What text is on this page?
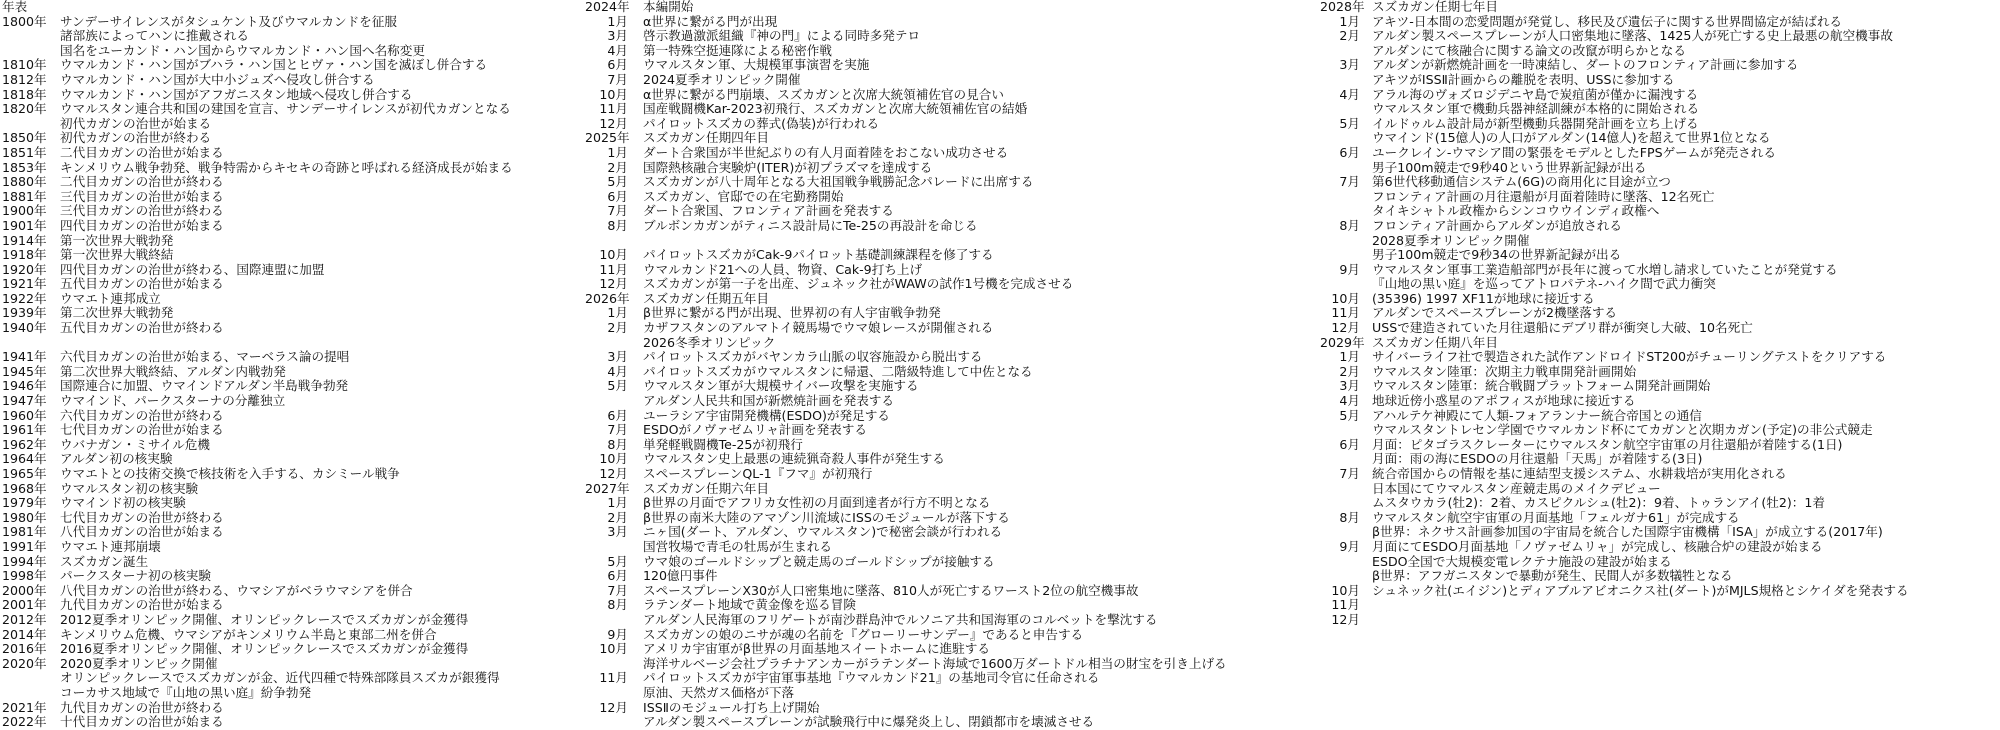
年表
1800年 サンデーサイレンスがタシュケント及びウマルカンドを征服
諸部族によってハンに推戴される
国名をユーカンド・ハン国からウマルカンド・ハン国へ名称変更
1810年 ウマルカンド・ハン国がブハラ・ハン国とヒヴァ・ハン国を滅ぼし併合する
1812年 ウマルカンド・ハン国が大中小ジュズへ侵攻し併合する
1818年 ウマルカンド・ハン国がアフガニスタン地域へ侵攻し併合する
1820年 ウマルスタン連合共和国の建国を宣言、サンデーサイレンスが初代カガンとなる
初代カガンの治世が始まる
1850年 初代カガンの治世が終わる
1851年 二代目カガンの治世が始まる
1853年 キンメリウム戦争勃発、戦争特需からキセキの奇跡と呼ばれる経済成長が始まる
1880年 二代目カガンの治世が終わる
1881年 三代目カガンの治世が始まる
1900年 三代目カガンの治世が終わる
1901年 四代目カガンの治世が始まる
1914年 第一次世界大戦勃発
1918年 第一次世界大戦終結
1920年 四代目カガンの治世が終わる、国際連盟に加盟
1921年 五代目カガンの治世が始まる
1922年 ウマエト連邦成立
1939年 第二次世界大戦勃発
1940年 五代目カガンの治世が終わる
1941年 六代目カガンの治世が始まる、マーベラス論の提唱
1945年 第二次世界大戦終結、アルダン内戦勃発
1946年 国際連合に加盟、ウマインドアルダン半島戦争勃発
1947年 ウマインド、パークスターナの分離独立
1960年 六代目カガンの治世が終わる
1961年 七代目カガンの治世が始まる
1962年 ウバナガン・ミサイル危機
1964年 アルダン初の核実験
1965年 ウマエトとの技術交換で核技術を入手する、カシミール戦争
1968年 ウマルスタン初の核実験
1979年 ウマインド初の核実験
1980年 七代目カガンの治世が終わる
1981年 八代目カガンの治世が始まる
1991年 ウマエト連邦崩壊
1994年 スズカガン誕生
1998年 パークスターナ初の核実験
2000年 八代目カガンの治世が終わる、ウマシアがベラウマシアを併合
2001年 九代目カガンの治世が始まる
2012年 2012夏季オリンピック開催、オリンピックレースでスズカガンが金獲得
2014年 キンメリウム危機、ウマシアがキンメリウム半島と東部二州を併合
2016年 2016夏季オリンピック開催、オリンピックレースでスズカガンが金獲得
2020年 2020夏季オリンピック開催
オリンピックレースでスズカガンが金、近代四種で特殊部隊員スズカが銀獲得
コーカサス地域で『山地の黒い庭』紛争勃発
2021年 九代目カガンの治世が終わる
2022年 十代目カガンの治世が始まる
2024年 本編開始
1月 α世界に繋がる門が出現
3月 啓示教過激派組織『神の門』による同時多発テロ
4月 第一特殊空挺連隊による秘密作戦
6月 ウマルスタン軍、大規模軍事演習を実施
7月 2024夏季オリンピック開催
10月 α世界に繋がる門崩壊、スズカガンと次席大統領補佐官の見合い
11月 国産戦闘機Kar-2023初飛行、スズカガンと次席大統領補佐官の結婚
12月 パイロットスズカの葬式(偽装)が行われる
2025年 スズカガン任期四年目
1月 ダート合衆国が半世紀ぶりの有人月面着陸をおこない成功させる
2月 国際熱核融合実験炉(ITER)が初プラズマを達成する
5月 スズカガンが八十周年となる大祖国戦争戦勝記念パレードに出席する
6月 スズカガン、官邸での在宅勤務開始
7月 ダート合衆国、フロンティア計画を発表する
8月 ブルボンカガンがティニス設計局にTe-25の再設計を命じる
10月 パイロットスズカがCak-9パイロット基礎訓練課程を修了する
11月 ウマルカンド21への人員、物資、Cak-9打ち上げ
12月 スズカガンが第一子を出産、ジュネック社がWAWの試作1号機を完成させる
2026年 スズカガン任期五年目
1月 β世界に繋がる門が出現、世界初の有人宇宙戦争勃発
2月 カザフスタンのアルマトイ競馬場でウマ娘レースが開催される
2026冬季オリンピック
3月 パイロットスズカがバヤンカラ山脈の収容施設から脱出する
4月 パイロットスズカがウマルスタンに帰還、二階級特進して中佐となる
5月 ウマルスタン軍が大規模サイバー攻撃を実施する
アルダン人民共和国が新燃焼計画を発表する
6月 ユーラシア宇宙開発機構(ESDO)が発足する
7月 ESDOがノヴァゼムリャ計画を発表する
8月 単発軽戦闘機Te-25が初飛行
10月 ウマルスタン史上最悪の連続猟奇殺人事件が発生する
12月 スペースプレーンQL-1『フマ』が初飛行
2027年 スズカガン任期六年目
1月 β世界の月面でアフリカ女性初の月面到達者が行方不明となる
2月 β世界の南米大陸のアマゾン川流域にISSのモジュールが落下する
3月 ニヶ国(ダート、アルダン、ウマルスタン)で秘密会談が行われる
国営牧場で青毛の牡馬が生まれる
5月 ウマ娘のゴールドシップと競走馬のゴールドシップが接触する
6月 120億円事件
7月 スペースプレーンX30が人口密集地に墜落、810人が死亡するワースト2位の航空機事故
8月 ラテンダート地域で黄金像を巡る冒険
アルダン人民海軍のフリゲートが南沙群島沖でルソニア共和国海軍のコルベットを撃沈する
9月 スズカガンの娘のニサが魂の名前を『グローリーサンデー』であると申告する
10月 アメリカ宇宙軍がβ世界の月面基地スイートホームに進駐する
海洋サルベージ会社プラチナアンカーがラテンダート海域で1600万ダートドル相当の財宝を引き上げる
11月 パイロットスズカが宇宙軍事基地『ウマルカンド21』の基地司令官に任命される
原油、天然ガス価格が下落
12月 ISSⅡのモジュール打ち上げ開始
アルダン製スペースプレーンが試験飛行中に爆発炎上し、閉鎖都市を壊滅させる
2028年 スズカガン任期七年目
1月 アキツ-日本間の恋愛問題が発覚し、移民及び遺伝子に関する世界間協定が結ばれる
2月 アルダン製スペースプレーンが人口密集地に墜落、1425人が死亡する史上最悪の航空機事故
アルダンにて核融合に関する論文の改竄が明らかとなる
3月 アルダンが新燃焼計画を一時凍結し、ダートのフロンティア計画に参加する
アキツがISSⅡ計画からの離脱を表明、USSに参加する
4月 アラル海のヴォズロジデニヤ島で炭疽菌が僅かに漏洩する
ウマルスタン軍で機動兵器神経訓練が本格的に開始される
5月 イルドゥルム設計局が新型機動兵器開発計画を立ち上げる
ウマインド(15億人)の人口がアルダン(14億人)を超えて世界1位となる
6月 ユークレイン-ウマシア間の緊張をモデルとしたFPSゲームが発売される
男子100m競走で9秒40という世界新記録が出る
7月 第6世代移動通信システム(6G)の商用化に目途が立つ
フロンティア計画の月往還船が月面着陸時に墜落、12名死亡
タイキシャトル政権からシンコウウインディ政権へ
8月 フロンティア計画からアルダンが追放される
2028夏季オリンピック開催
男子100m競走で9秒34の世界新記録が出る
9月 ウマルスタン軍事工業造船部門が長年に渡って水増し請求していたことが発覚する
『山地の黒い庭』を巡ってアトロパテネ-ハイク間で武力衝突
10月 (35396) 1997 XF11が地球に接近する
11月 アルダンでスペースプレーンが2機墜落する
12月 USSで建造されていた月往還船にデブリ群が衝突し大破、10名死亡
2029年 スズカガン任期八年目
1月 サイバーライフ社で製造された試作アンドロイドST200がチューリングテストをクリアする
2月 ウマルスタン陸軍：次期主力戦車開発計画開始
3月 ウマルスタン陸軍：統合戦闘プラットフォーム開発計画開始
4月 地球近傍小惑星のアポフィスが地球に接近する
5月 アハルテケ神殿にて人類-フォアランナー統合帝国との通信
ウマルスタントレセン学園でウマルカンド杯にてカガンと次期カガン(予定)の非公式競走
6月 月面：ピタゴラスクレーターにウマルスタン航空宇宙軍の月往還船が着陸する(1日)
月面：雨の海にESDOの月往還船「天馬」が着陸する(3日)
7月 統合帝国からの情報を基に連結型支援システム、水耕栽培が実用化される
日本国にてウマルスタン産競走馬のメイクデビュー
ムスタウカラ(牡2)：2着、カスピクルシュ(牡2)：9着、トゥランアイ(牡2)：1着
8月 ウマルスタン航空宇宙軍の月面基地「フェルガナ61」が完成する
β世界：ネクサス計画参加国の宇宙局を統合した国際宇宙機構「ISA」が成立する(2017年)
9月 月面にてESDO月面基地「ノヴァゼムリャ」が完成し、核融合炉の建設が始まる
ESDO全国で大規模変電レクテナ施設の建設が始まる
β世界：アフガニスタンで暴動が発生、民間人が多数犠牲となる
10月 シュネック社(エイジン)とディアブルアビオニクス社(ダート)がMJLS規格とシケイダを発表する
11月
12月
